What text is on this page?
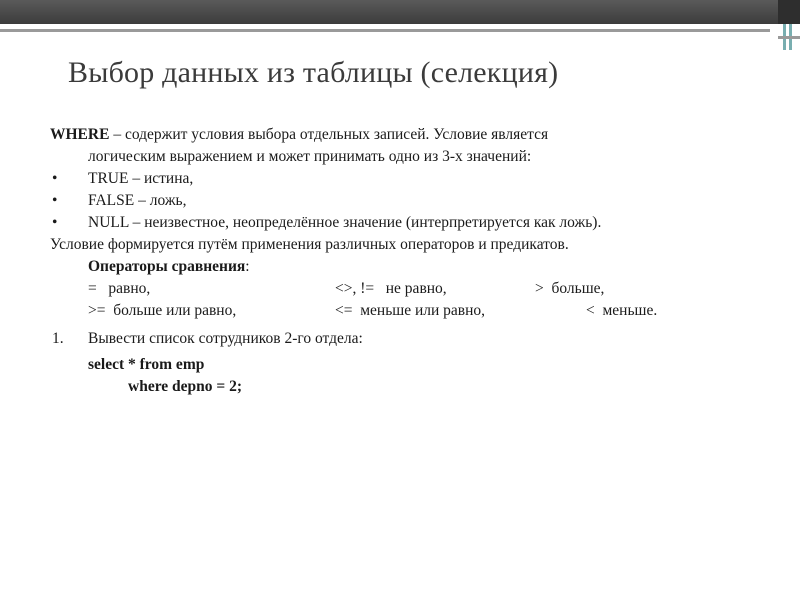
Выбор данных из таблицы (селекция)

WHERE – содержит условия выбора отдельных записей. Условие является

логическим выражением и может принимать одно из 3-х значений:

•	TRUE – истина,
•	FALSE – ложь,
•	NULL – неизвестное, неопределённое значение (интерпретируется как ложь).

Условие формируется путём применения различных операторов и предикатов.

Операторы сравнения:

=   равно,	<>, !=   не равно,	>  больше,
>=  больше или равно,	<=  меньше или равно,	<  меньше.
1.	Вывести список сотрудников 2-го отдела:

select * from emp

where depno = 2;
